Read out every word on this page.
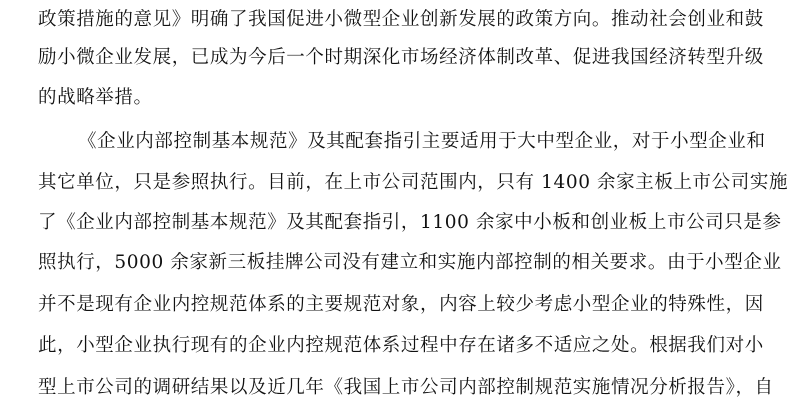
政策措施的意见》明确了我国促进小微型企业创新发展的政策方向。推动社会创业和鼓
励小微企业发展，已成为今后一个时期深化市场经济体制改革、促进我国经济转型升级
的战略举措。
《企业内部控制基本规范》及其配套指引主要适用于大中型企业，对于小型企业和
其它单位，只是参照执行。目前，在上市公司范围内，只有 1400 余家主板上市公司实施
了《企业内部控制基本规范》及其配套指引，1100 余家中小板和创业板上市公司只是参
照执行，5000 余家新三板挂牌公司没有建立和实施内部控制的相关要求。由于小型企业
并不是现有企业内控规范体系的主要规范对象，内容上较少考虑小型企业的特殊性，因
此，小型企业执行现有的企业内控规范体系过程中存在诸多不适应之处。根据我们对小
型上市公司的调研结果以及近几年《我国上市公司内部控制规范实施情况分析报告》，自
